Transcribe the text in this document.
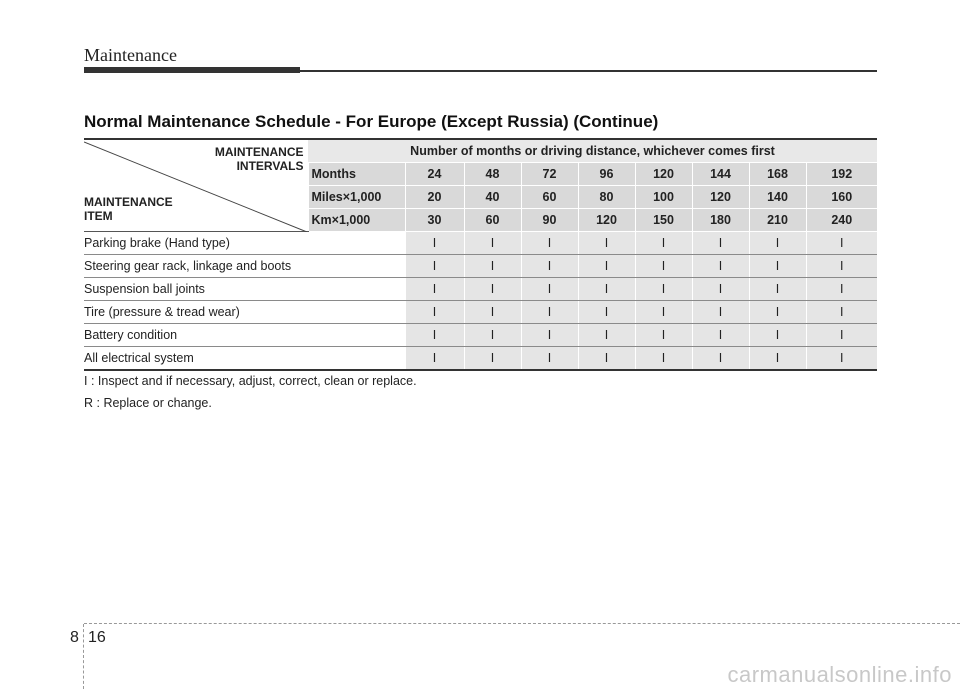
Maintenance
Normal Maintenance Schedule - For Europe (Except Russia) (Continue)
MAINTENANCE
INTERVALS
MAINTENANCE
ITEM	Number of months or driving distance, whichever comes first								
	Months	24	48	72	96	120	144	168	192
	Miles×1,000	20	40	60	80	100	120	140	160
	Km×1,000	30	60	90	120	150	180	210	240
Parking brake (Hand type)		I	I	I	I	I	I	I	I
Steering gear rack, linkage and boots		I	I	I	I	I	I	I	I
Suspension ball joints		I	I	I	I	I	I	I	I
Tire (pressure & tread wear)		I	I	I	I	I	I	I	I
Battery condition		I	I	I	I	I	I	I	I
All electrical system		I	I	I	I	I	I	I	I
I : Inspect and if necessary, adjust, correct, clean or replace.
R : Replace or change.
8 16
carmanualsonline.info
